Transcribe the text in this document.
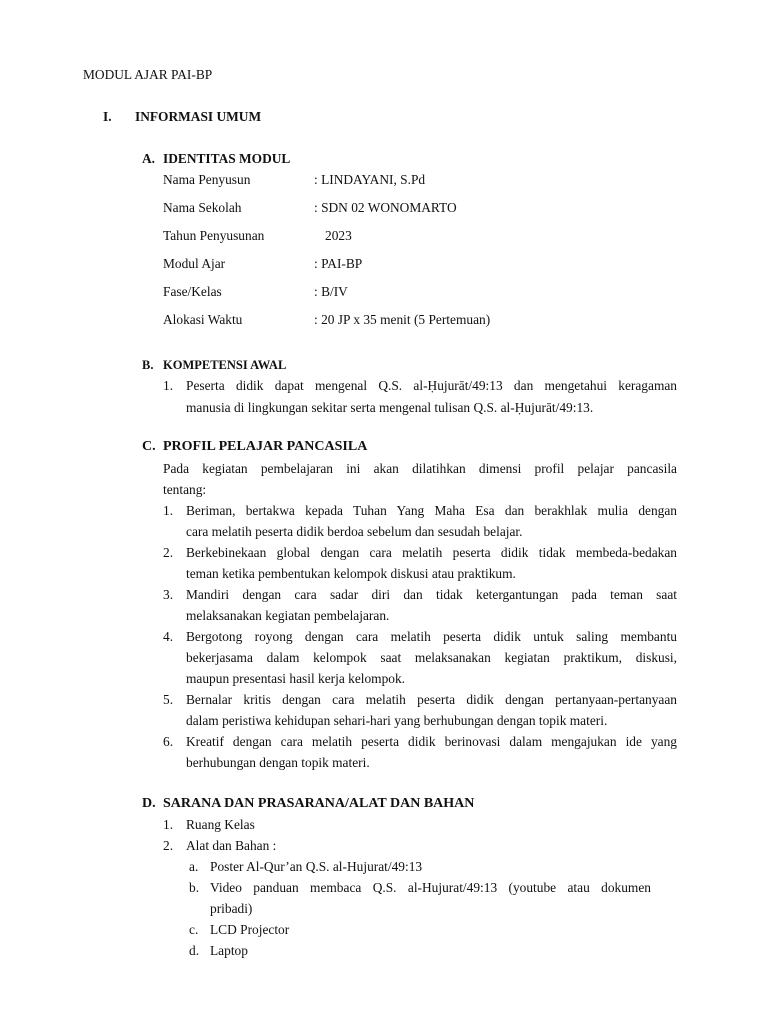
MODUL AJAR PAI-BP
I. INFORMASI UMUM
A. IDENTITAS MODUL
Nama Penyusun	: LINDAYANI, S.Pd
Nama Sekolah	: SDN 02 WONOMARTO
Tahun Penyusunan	2023
Modul Ajar	: PAI-BP
Fase/Kelas	: B/IV
Alokasi Waktu	: 20 JP x 35 menit (5 Pertemuan)
B. KOMPETENSI AWAL
1. Peserta didik dapat mengenal Q.S. al-Ḥujurāt/49:13 dan mengetahui keragaman
manusia di lingkungan sekitar serta mengenal tulisan Q.S. al-Ḥujurāt/49:13.
C. PROFIL PELAJAR PANCASILA
Pada kegiatan pembelajaran ini akan dilatihkan dimensi profil pelajar pancasila
tentang:
1. Beriman, bertakwa kepada Tuhan Yang Maha Esa dan berakhlak mulia dengan
cara melatih peserta didik berdoa sebelum dan sesudah belajar.
2. Berkebinekaan global dengan cara melatih peserta didik tidak membeda-bedakan
teman ketika pembentukan kelompok diskusi atau praktikum.
3. Mandiri dengan cara sadar diri dan tidak ketergantungan pada teman saat
melaksanakan kegiatan pembelajaran.
4. Bergotong royong dengan cara melatih peserta didik untuk saling membantu
bekerjasama dalam kelompok saat melaksanakan kegiatan praktikum, diskusi,
maupun presentasi hasil kerja kelompok.
5. Bernalar kritis dengan cara melatih peserta didik dengan pertanyaan-pertanyaan
dalam peristiwa kehidupan sehari-hari yang berhubungan dengan topik materi.
6. Kreatif dengan cara melatih peserta didik berinovasi dalam mengajukan ide yang
berhubungan dengan topik materi.
D. SARANA DAN PRASARANA/ALAT DAN BAHAN
1. Ruang Kelas
2. Alat dan Bahan :
a. Poster Al-Qur’an Q.S. al-Hujurat/49:13
b. Video panduan membaca Q.S. al-Hujurat/49:13 (youtube atau dokumen
pribadi)
c. LCD Projector
d. Laptop
